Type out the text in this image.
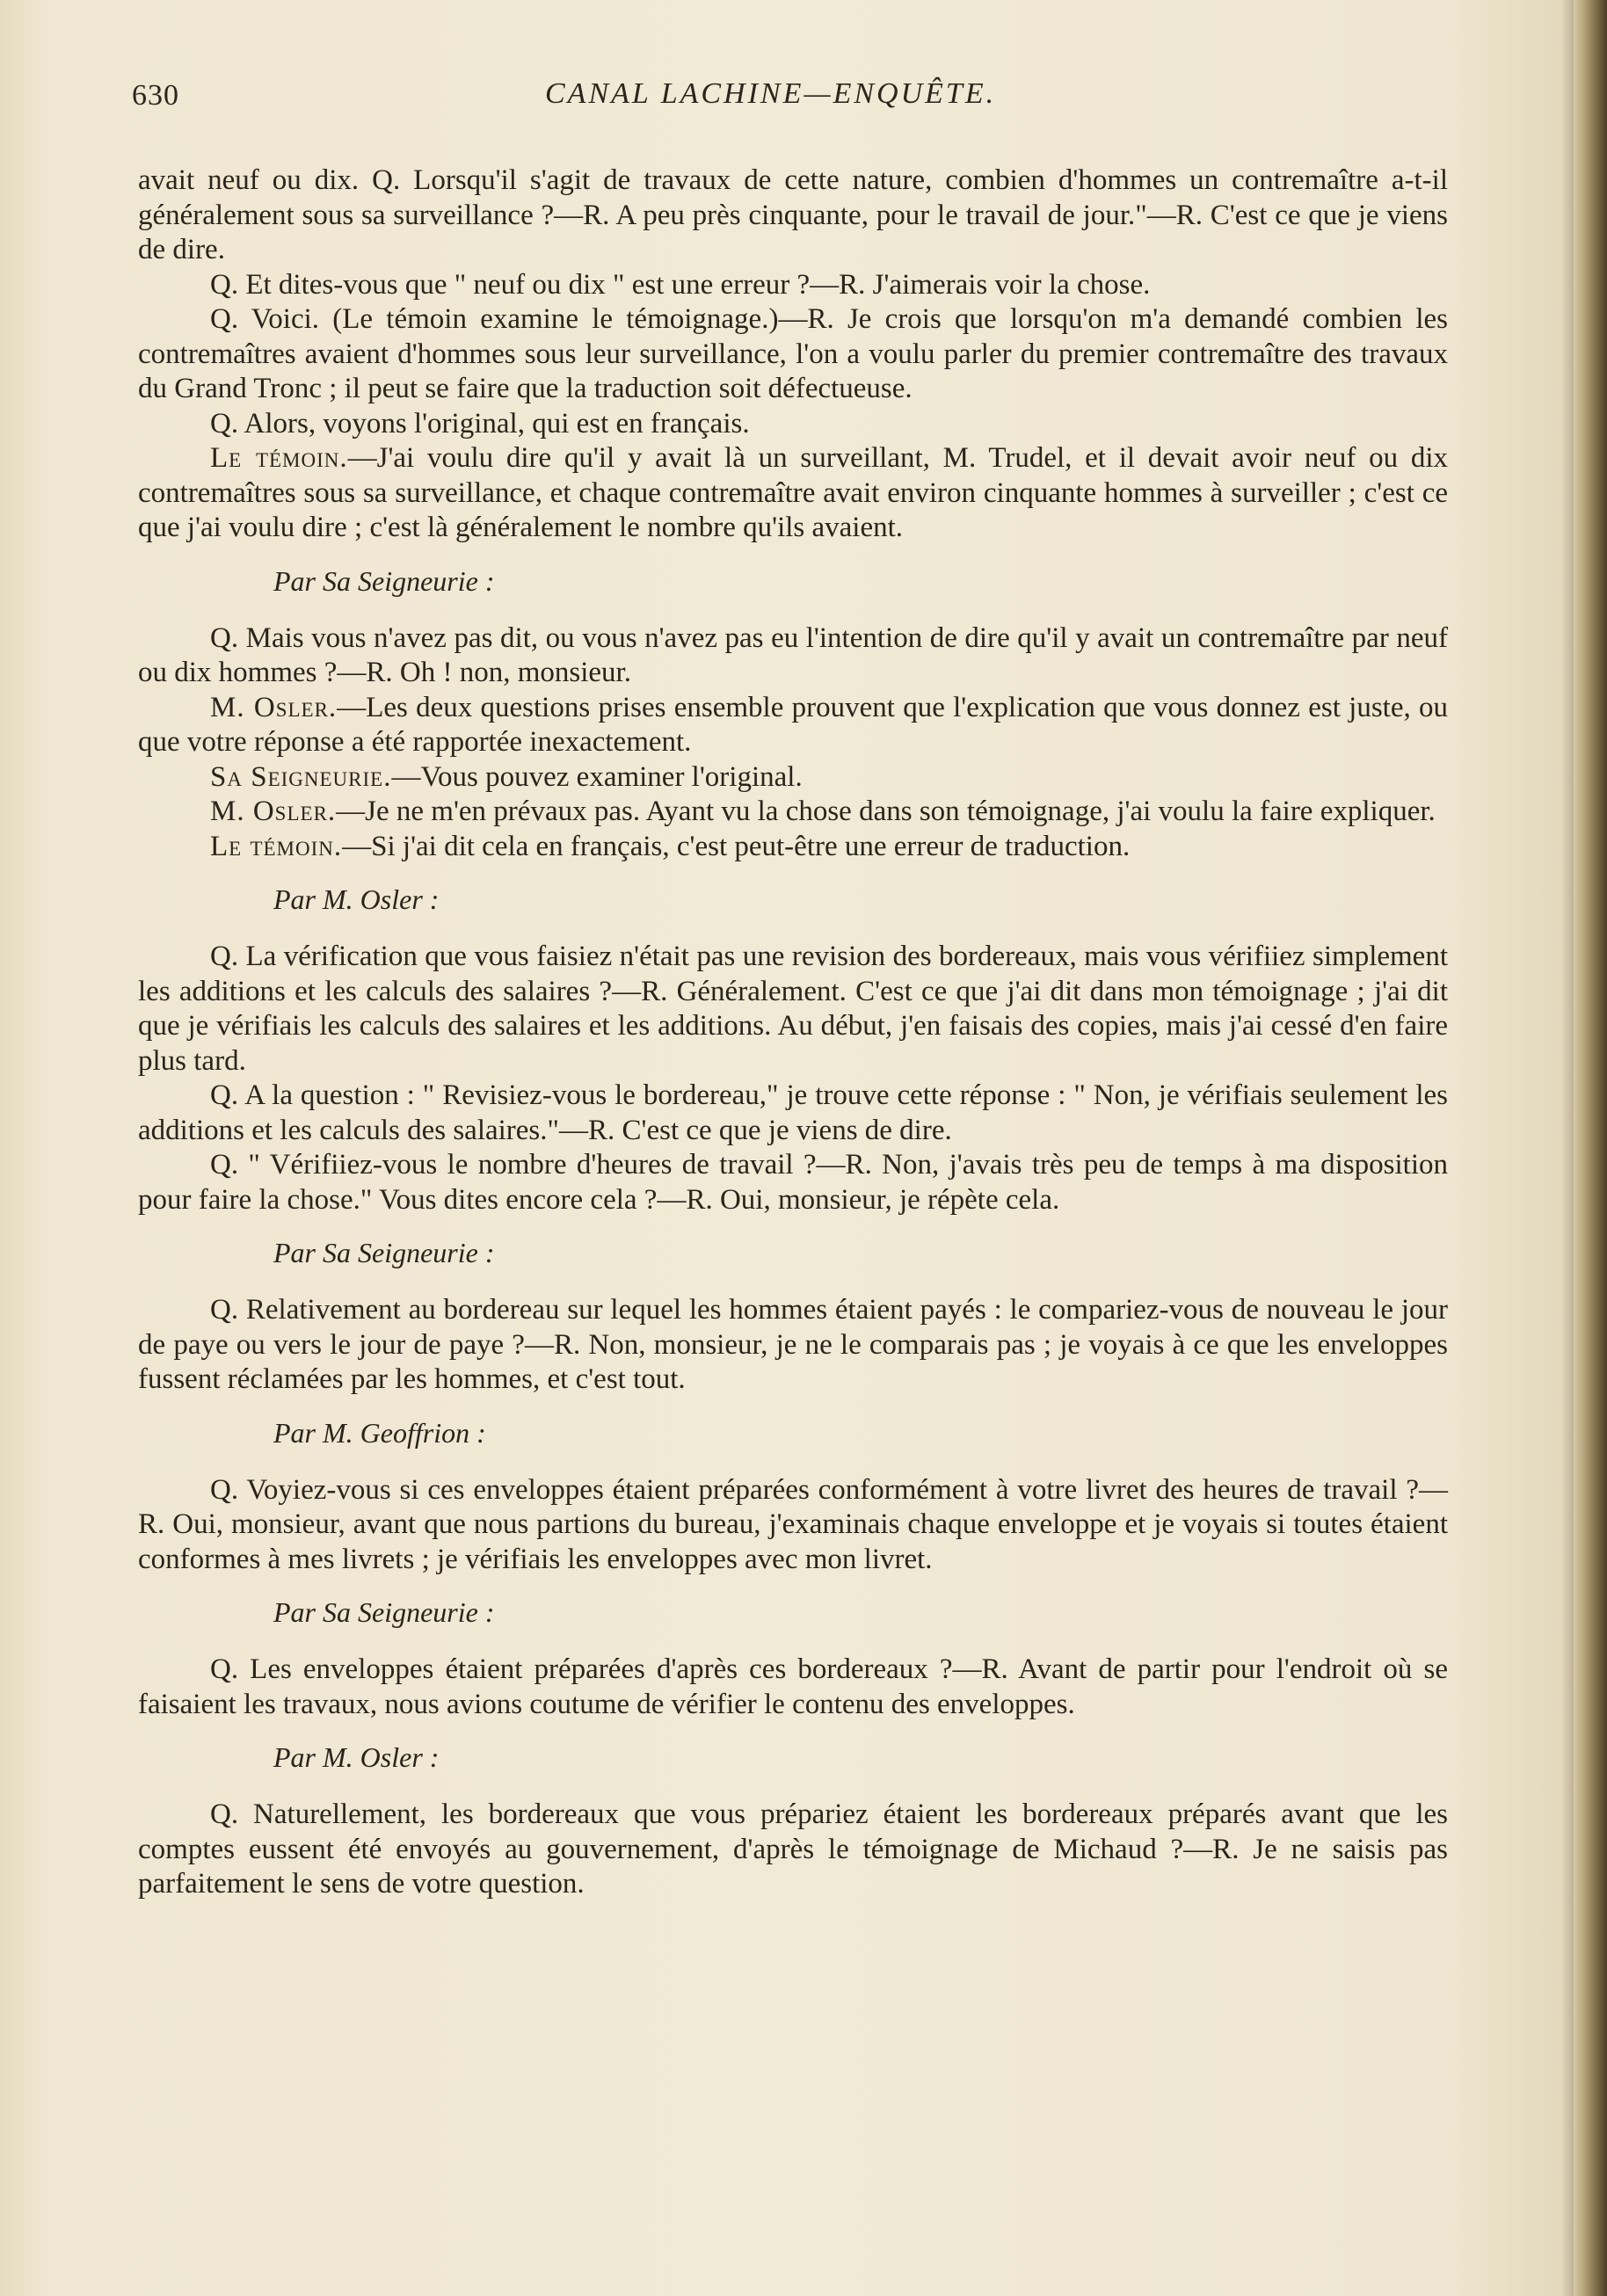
630	CANAL LACHINE—ENQUÊTE.

avait neuf ou dix. Q. Lorsqu'il s'agit de travaux de cette nature, combien d'hommes un contremaître a-t-il généralement sous sa surveillance ?—R. A peu près cinquante, pour le travail de jour."—R. C'est ce que je viens de dire.

Q. Et dites-vous que " neuf ou dix " est une erreur ?—R. J'aimerais voir la chose.

Q. Voici. (Le témoin examine le témoignage.)—R. Je crois que lorsqu'on m'a demandé combien les contremaîtres avaient d'hommes sous leur surveillance, l'on a voulu parler du premier contremaître des travaux du Grand Tronc ; il peut se faire que la traduction soit défectueuse.

Q. Alors, voyons l'original, qui est en français.

Le témoin.—J'ai voulu dire qu'il y avait là un surveillant, M. Trudel, et il devait avoir neuf ou dix contremaîtres sous sa surveillance, et chaque contremaître avait environ cinquante hommes à surveiller ; c'est ce que j'ai voulu dire ; c'est là généralement le nombre qu'ils avaient.

Par Sa Seigneurie :

Q. Mais vous n'avez pas dit, ou vous n'avez pas eu l'intention de dire qu'il y avait un contremaître par neuf ou dix hommes ?—R. Oh ! non, monsieur.

M. Osler.—Les deux questions prises ensemble prouvent que l'explication que vous donnez est juste, ou que votre réponse a été rapportée inexactement.

Sa Seigneurie.—Vous pouvez examiner l'original.

M. Osler.—Je ne m'en prévaux pas. Ayant vu la chose dans son témoignage, j'ai voulu la faire expliquer.

Le témoin.—Si j'ai dit cela en français, c'est peut-être une erreur de traduction.

Par M. Osler :

Q. La vérification que vous faisiez n'était pas une revision des bordereaux, mais vous vérifiiez simplement les additions et les calculs des salaires ?—R. Généralement. C'est ce que j'ai dit dans mon témoignage ; j'ai dit que je vérifiais les calculs des salaires et les additions. Au début, j'en faisais des copies, mais j'ai cessé d'en faire plus tard.

Q. A la question : " Revisiez-vous le bordereau," je trouve cette réponse : " Non, je vérifiais seulement les additions et les calculs des salaires."—R. C'est ce que je viens de dire.

Q. " Vérifiiez-vous le nombre d'heures de travail ?—R. Non, j'avais très peu de temps à ma disposition pour faire la chose." Vous dites encore cela ?—R. Oui, monsieur, je répète cela.

Par Sa Seigneurie :

Q. Relativement au bordereau sur lequel les hommes étaient payés : le compariez-vous de nouveau le jour de paye ou vers le jour de paye ?—R. Non, monsieur, je ne le comparais pas ; je voyais à ce que les enveloppes fussent réclamées par les hommes, et c'est tout.

Par M. Geoffrion :

Q. Voyiez-vous si ces enveloppes étaient préparées conformément à votre livret des heures de travail ?—R. Oui, monsieur, avant que nous partions du bureau, j'examinais chaque enveloppe et je voyais si toutes étaient conformes à mes livrets ; je vérifiais les enveloppes avec mon livret.

Par Sa Seigneurie :

Q. Les enveloppes étaient préparées d'après ces bordereaux ?—R. Avant de partir pour l'endroit où se faisaient les travaux, nous avions coutume de vérifier le contenu des enveloppes.

Par M. Osler :

Q. Naturellement, les bordereaux que vous prépariez étaient les bordereaux préparés avant que les comptes eussent été envoyés au gouvernement, d'après le témoignage de Michaud ?—R. Je ne saisis pas parfaitement le sens de votre question.
